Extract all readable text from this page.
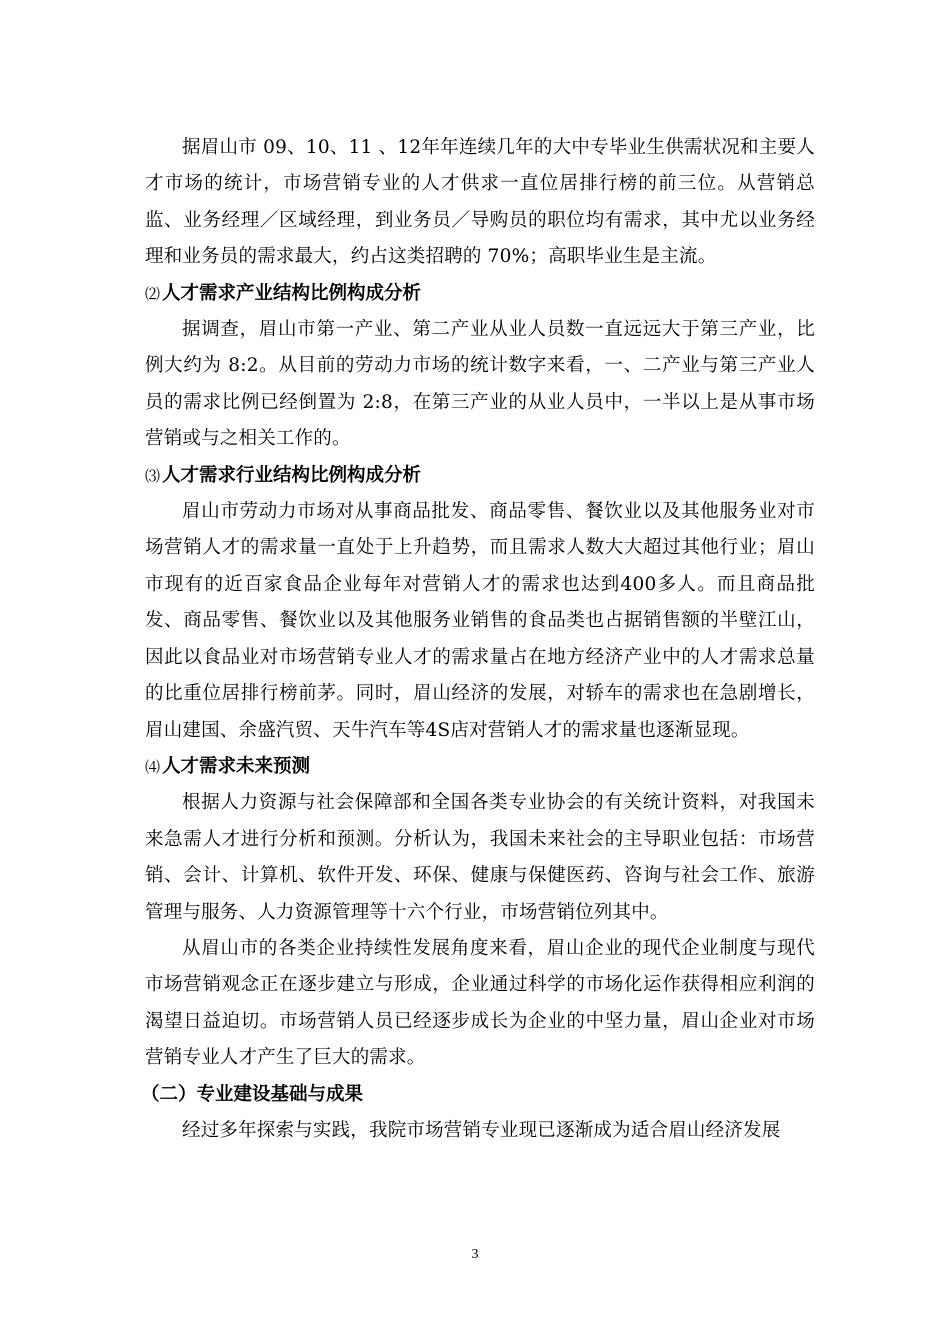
据眉山市 09、10、11 、12年年连续几年的大中专毕业生供需状况和主要人才市场的统计，市场营销专业的人才供求一直位居排行榜的前三位。从营销总监、业务经理／区域经理，到业务员／导购员的职位均有需求，其中尤以业务经理和业务员的需求最大，约占这类招聘的 70%；高职毕业生是主流。

⑵ 人才需求产业结构比例构成分析

据调查，眉山市第一产业、第二产业从业人员数一直远远大于第三产业，比例大约为 8:2。从目前的劳动力市场的统计数字来看，一、二产业与第三产业人员的需求比例已经倒置为 2:8，在第三产业的从业人员中，一半以上是从事市场营销或与之相关工作的。

⑶ 人才需求行业结构比例构成分析

眉山市劳动力市场对从事商品批发、商品零售、餐饮业以及其他服务业对市场营销人才的需求量一直处于上升趋势，而且需求人数大大超过其他行业；眉山市现有的近百家食品企业每年对营销人才的需求也达到400多人。而且商品批发、商品零售、餐饮业以及其他服务业销售的食品类也占据销售额的半壁江山，因此以食品业对市场营销专业人才的需求量占在地方经济产业中的人才需求总量的比重位居排行榜前茅。同时，眉山经济的发展，对轿车的需求也在急剧增长，眉山建国、余盛汽贸、天牛汽车等4S店对营销人才的需求量也逐渐显现。

⑷ 人才需求未来预测

根据人力资源与社会保障部和全国各类专业协会的有关统计资料，对我国未来急需人才进行分析和预测。分析认为，我国未来社会的主导职业包括：市场营销、会计、计算机、软件开发、环保、健康与保健医药、咨询与社会工作、旅游管理与服务、人力资源管理等十六个行业，市场营销位列其中。

从眉山市的各类企业持续性发展角度来看，眉山企业的现代企业制度与现代市场营销观念正在逐步建立与形成，企业通过科学的市场化运作获得相应利润的渴望日益迫切。市场营销人员已经逐步成长为企业的中坚力量，眉山企业对市场营销专业人才产生了巨大的需求。

（二）专业建设基础与成果

经过多年探索与实践，我院市场营销专业现已逐渐成为适合眉山经济发展

3
